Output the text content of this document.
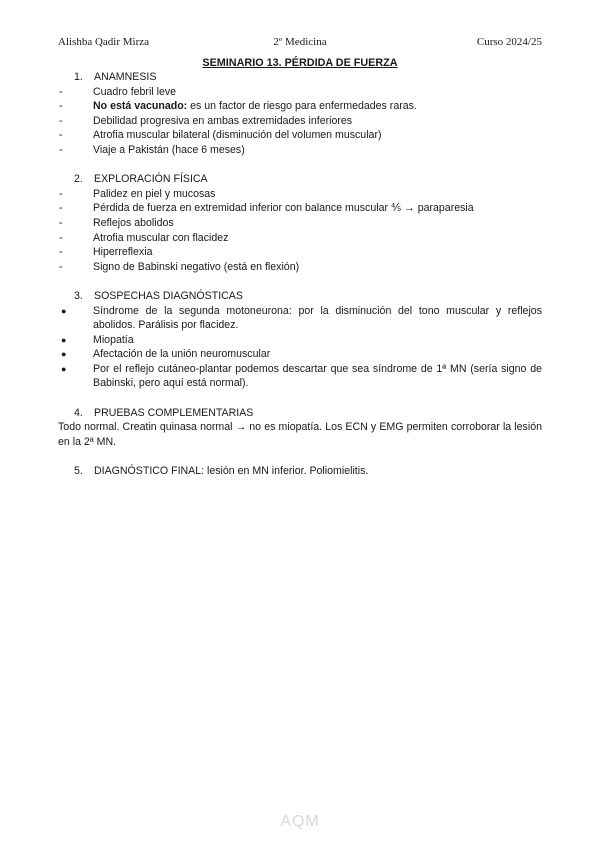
Alishba Qadir Mirza	2º Medicina	Curso 2024/25
SEMINARIO 13. PÉRDIDA DE FUERZA
1. ANAMNESIS
-	Cuadro febril leve
-	No está vacunado: es un factor de riesgo para enfermedades raras.
-	Debilidad progresiva en ambas extremidades inferiores
-	Atrofia muscular bilateral (disminución del volumen muscular)
-	Viaje a Pakistán (hace 6 meses)
2. EXPLORACIÓN FÍSICA
-	Palidez en piel y mucosas
-	Pérdida de fuerza en extremidad inferior con balance muscular ⅘ → paraparesia
-	Reflejos abolidos
-	Atrofia muscular con flacidez
-	Hiperreflexia
-	Signo de Babinski negativo (está en flexión)
3. SOSPECHAS DIAGNÓSTICAS
●	Síndrome de la segunda motoneurona: por la disminución del tono muscular y reflejos abolidos. Parálisis por flacidez.
●	Miopatía
●	Afectación de la unión neuromuscular
●	Por el reflejo cutáneo-plantar podemos descartar que sea síndrome de 1ª MN (sería signo de Babinski, pero aquí está normal).
4. PRUEBAS COMPLEMENTARIAS

Todo normal. Creatin quinasa normal → no es miopatía. Los ECN y EMG permiten corroborar la lesión en la 2ª MN.

5. DIAGNÓSTICO FINAL: lesión en MN inferior. Poliomielitis.
AQM
